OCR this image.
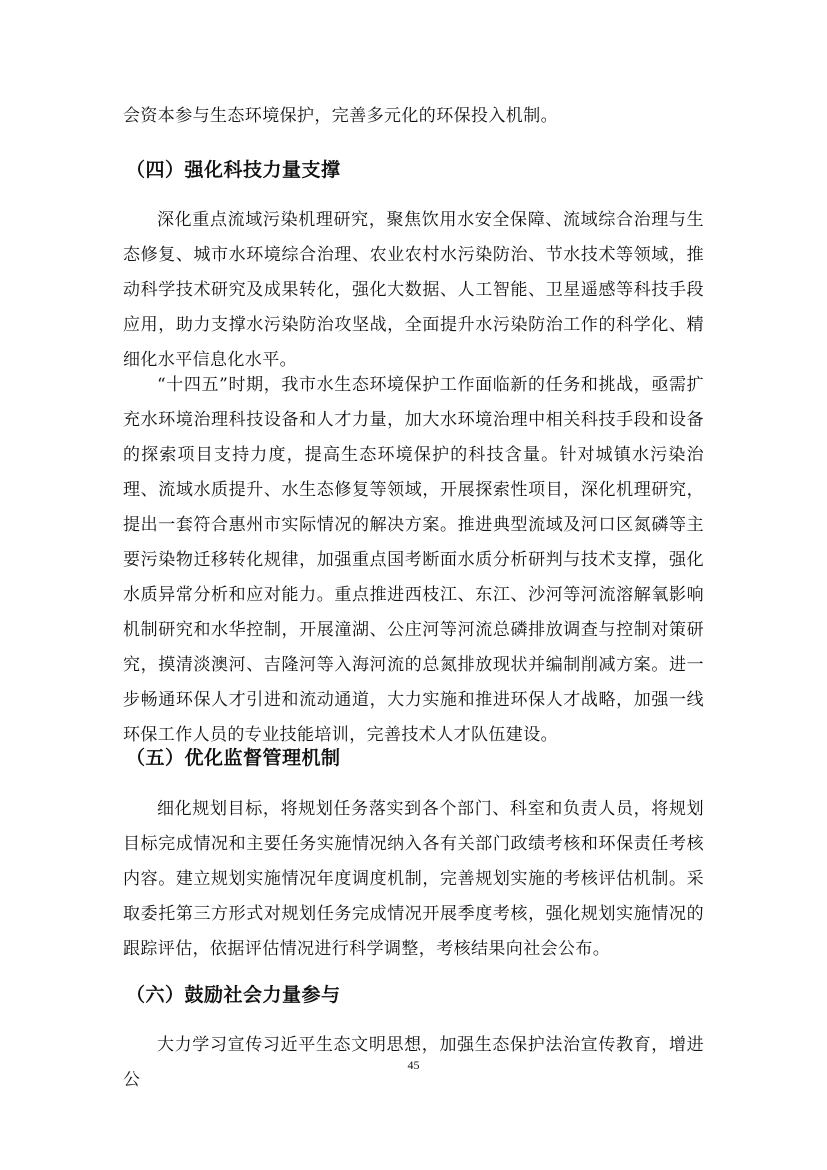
会资本参与生态环境保护，完善多元化的环保投入机制。

（四）强化科技力量支撑

深化重点流域污染机理研究，聚焦饮用水安全保障、流域综合治理与生态修复、城市水环境综合治理、农业农村水污染防治、节水技术等领域，推动科学技术研究及成果转化，强化大数据、人工智能、卫星遥感等科技手段应用，助力支撑水污染防治攻坚战，全面提升水污染防治工作的科学化、精细化水平信息化水平。

“十四五”时期，我市水生态环境保护工作面临新的任务和挑战，亟需扩充水环境治理科技设备和人才力量，加大水环境治理中相关科技手段和设备的探索项目支持力度，提高生态环境保护的科技含量。针对城镇水污染治理、流域水质提升、水生态修复等领域，开展探索性项目，深化机理研究，提出一套符合惠州市实际情况的解决方案。推进典型流域及河口区氮磷等主要污染物迁移转化规律，加强重点国考断面水质分析研判与技术支撑，强化水质异常分析和应对能力。重点推进西枝江、东江、沙河等河流溶解氧影响机制研究和水华控制，开展潼湖、公庄河等河流总磷排放调查与控制对策研究，摸清淡澳河、吉隆河等入海河流的总氮排放现状并编制削减方案。进一步畅通环保人才引进和流动通道，大力实施和推进环保人才战略，加强一线环保工作人员的专业技能培训，完善技术人才队伍建设。

（五）优化监督管理机制

细化规划目标，将规划任务落实到各个部门、科室和负责人员，将规划目标完成情况和主要任务实施情况纳入各有关部门政绩考核和环保责任考核内容。建立规划实施情况年度调度机制，完善规划实施的考核评估机制。采取委托第三方形式对规划任务完成情况开展季度考核，强化规划实施情况的跟踪评估，依据评估情况进行科学调整，考核结果向社会公布。

（六）鼓励社会力量参与

大力学习宣传习近平生态文明思想，加强生态保护法治宣传教育，增进公

45
